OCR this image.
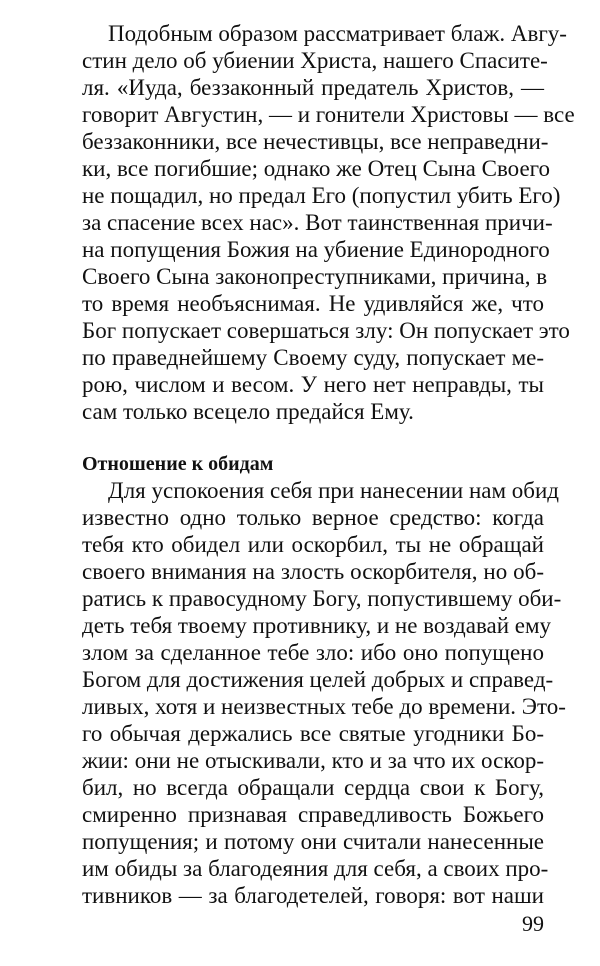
Подобным образом рассматривает блаж. Авгу-
стин дело об убиении Христа, нашего Спасите-
ля. «Иуда, беззаконный предатель Христов, —
говорит Августин, — и гонители Христовы — все
беззаконники, все нечестивцы, все неправедни-
ки, все погибшие; однако же Отец Сына Своего
не пощадил, но предал Его (попустил убить Его)
за спасение всех нас». Вот таинственная причи-
на попущения Божия на убиение Единородного
Своего Сына законопреступниками, причина, в
то время необъяснимая. Не удивляйся же, что
Бог попускает совершаться злу: Он попускает это
по праведнейшему Своему суду, попускает ме-
рою, числом и весом. У него нет неправды, ты
сам только всецело предайся Ему.
Отношение к обидам
Для успокоения себя при нанесении нам обид
известно одно только верное средство: когда
тебя кто обидел или оскорбил, ты не обращай
своего внимания на злость оскорбителя, но об-
ратись к правосудному Богу, попустившему оби-
деть тебя твоему противнику, и не воздавай ему
злом за сделанное тебе зло: ибо оно попущено
Богом для достижения целей добрых и справед-
ливых, хотя и неизвестных тебе до времени. Это-
го обычая держались все святые угодники Бо-
жии: они не отыскивали, кто и за что их оскор-
бил, но всегда обращали сердца свои к Богу,
смиренно признавая справедливость Божьего
попущения; и потому они считали нанесенные
им обиды за благодеяния для себя, а своих про-
тивников — за благодетелей, говоря: вот наши
99
